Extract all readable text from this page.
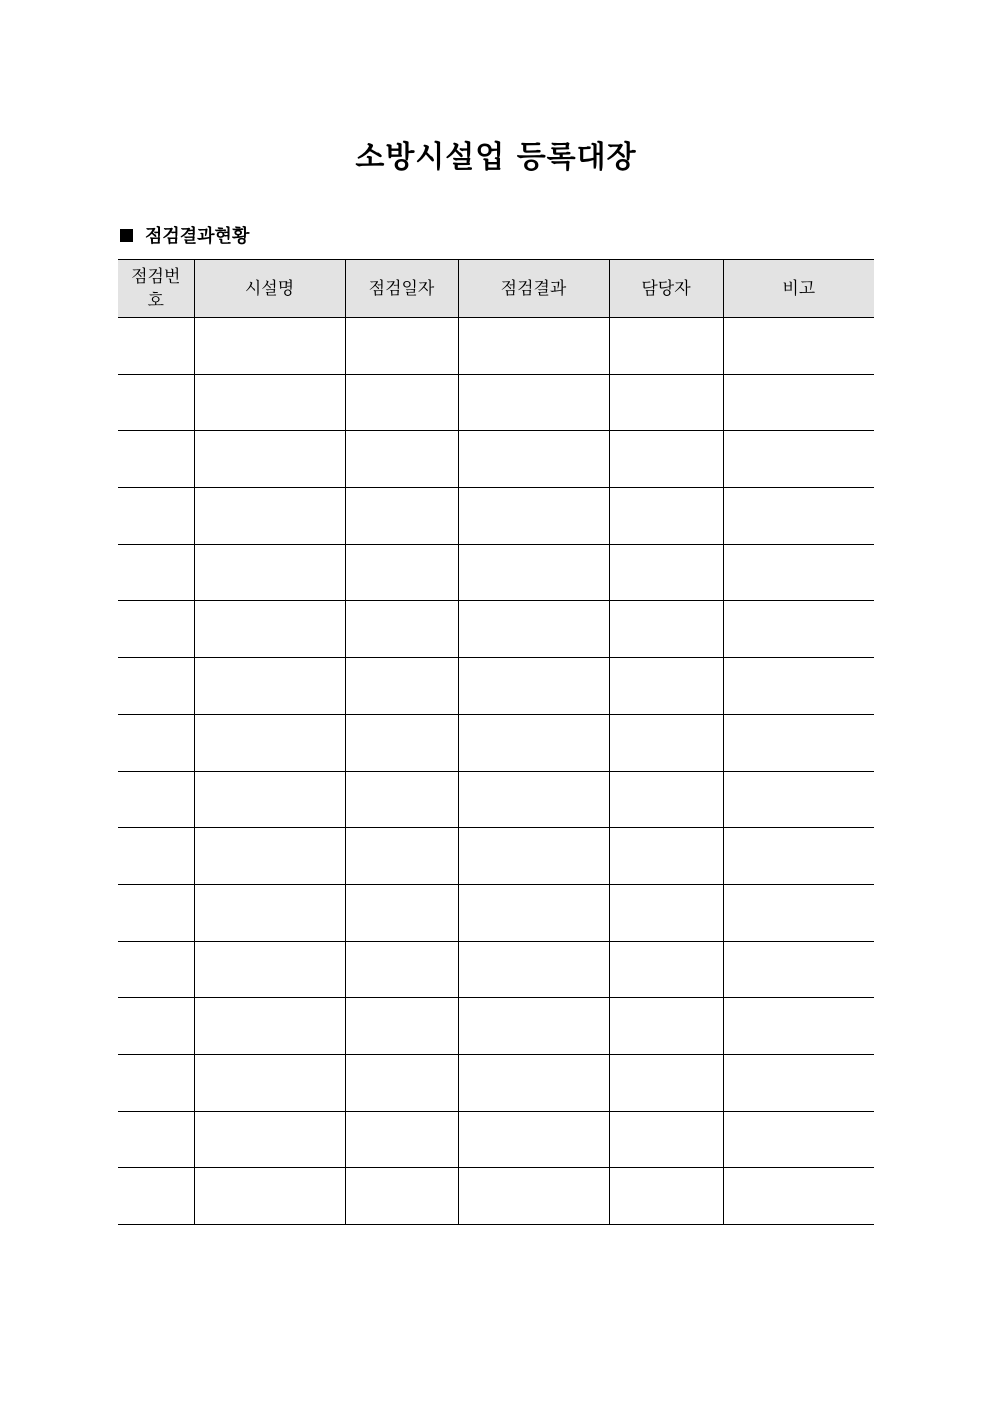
소방시설업 등록대장
점검결과현황
점검번
호	시설명	점검일자	점검결과	담당자	비고
